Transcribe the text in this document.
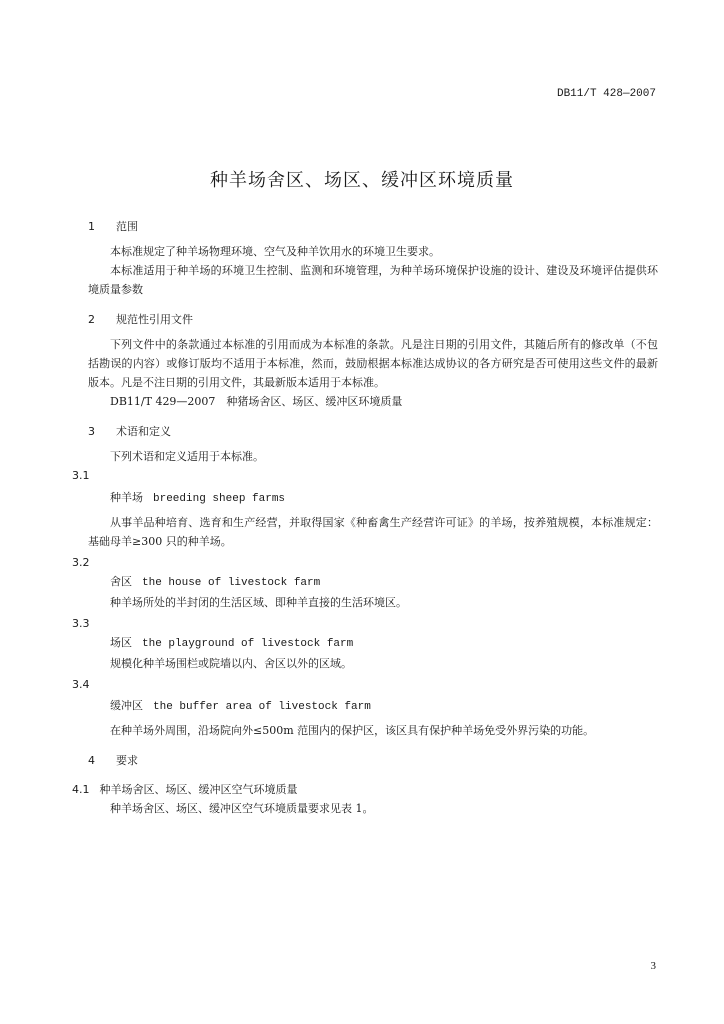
DB11/T 428—2007
种羊场舍区、场区、缓冲区环境质量
1 范围
本标准规定了种羊场物理环境、空气及种羊饮用水的环境卫生要求。
本标准适用于种羊场的环境卫生控制、监测和环境管理，为种羊场环境保护设施的设计、建设及环境评估提供环境质量参数
2 规范性引用文件
下列文件中的条款通过本标准的引用而成为本标准的条款。凡是注日期的引用文件，其随后所有的修改单（不包括勘误的内容）或修订版均不适用于本标准，然而，鼓励根据本标准达成协议的各方研究是否可使用这些文件的最新版本。凡是不注日期的引用文件，其最新版本适用于本标准。
DB11/T 429—2007　种猪场舍区、场区、缓冲区环境质量
3 术语和定义
下列术语和定义适用于本标准。
3.1
种羊场 breeding sheep farms
从事羊品种培育、选育和生产经营，并取得国家《种畜禽生产经营许可证》的羊场，按养殖规模，本标准规定： 基础母羊≥300 只的种羊场。
3.2
舍区 the house of livestock farm
种羊场所处的半封闭的生活区域、即种羊直接的生活环境区。
3.3
场区 the playground of livestock farm
规模化种羊场围栏或院墙以内、舍区以外的区域。
3.4
缓冲区 the buffer area of livestock farm
在种羊场外周围，沿场院向外≤500m 范围内的保护区，该区具有保护种羊场免受外界污染的功能。
4 要求
4.1 种羊场舍区、场区、缓冲区空气环境质量
种羊场舍区、场区、缓冲区空气环境质量要求见表 1。
3
